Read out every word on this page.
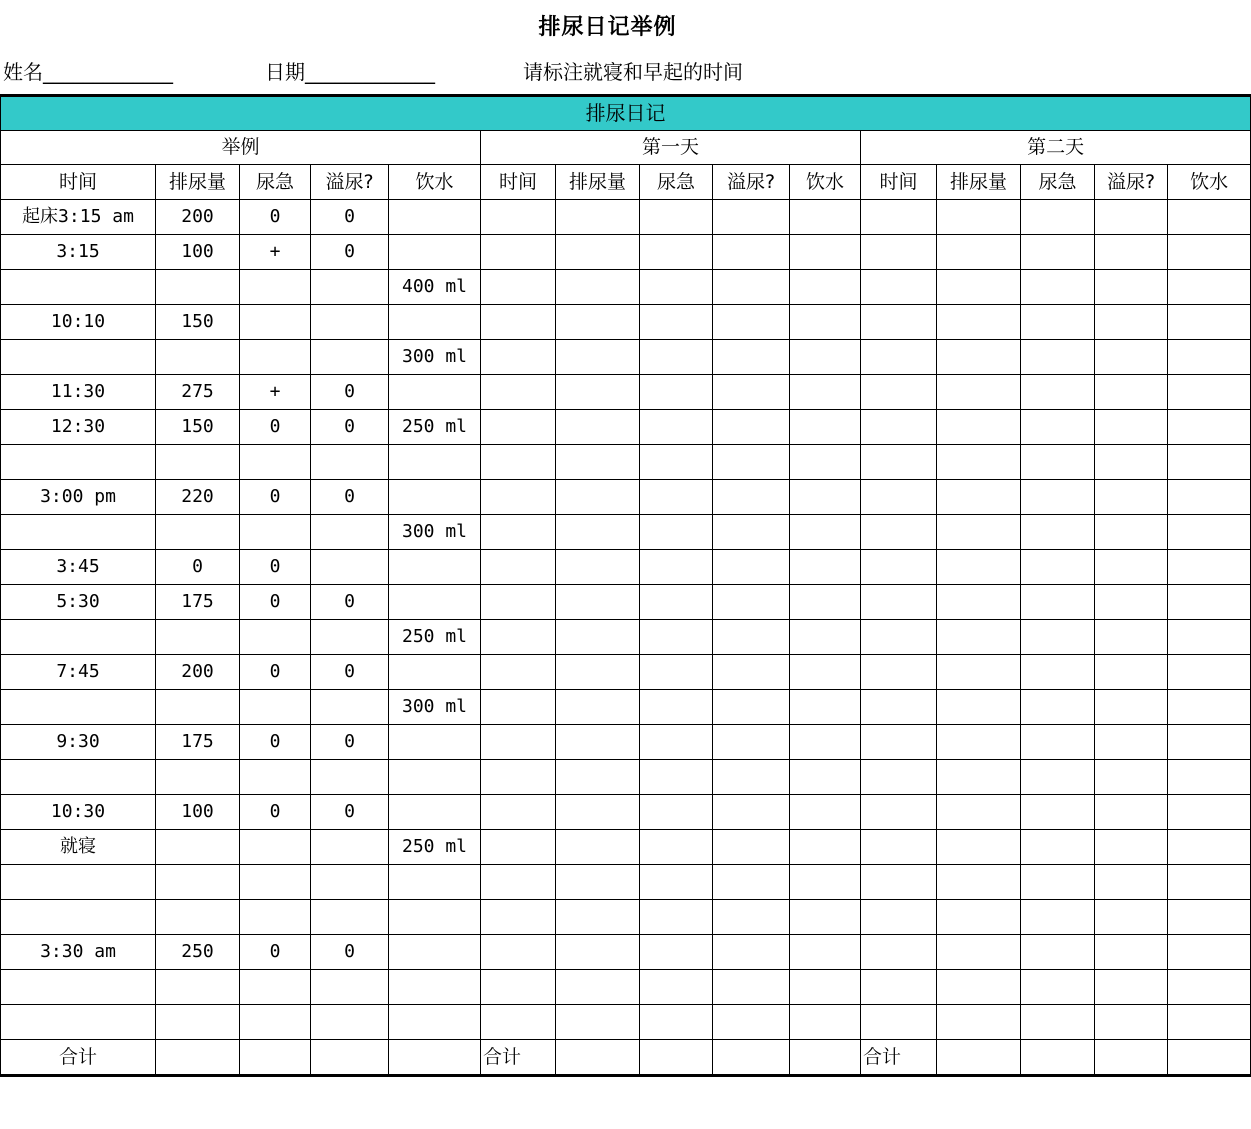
排尿日记举例
姓名_____________	日期_____________	请标注就寝和早起的时间
排尿日记														
举例					第一天					第二天				
时间	排尿量	尿急	溢尿?	饮水	时间	排尿量	尿急	溢尿?	饮水	时间	排尿量	尿急	溢尿?	饮水
起床3:15 am	200	0	0											
3:15	100	+	0											
				400 ml										
10:10	150													
				300 ml										
11:30	275	+	0											
12:30	150	0	0	250 ml										

3:00 pm	220	0	0											
				300 ml										
3:45	0	0												
5:30	175	0	0											
				250 ml										
7:45	200	0	0											
				300 ml										
9:30	175	0	0											

10:30	100	0	0											
就寝				250 ml										

3:30 am	250	0	0											

合计					合计					合计				
